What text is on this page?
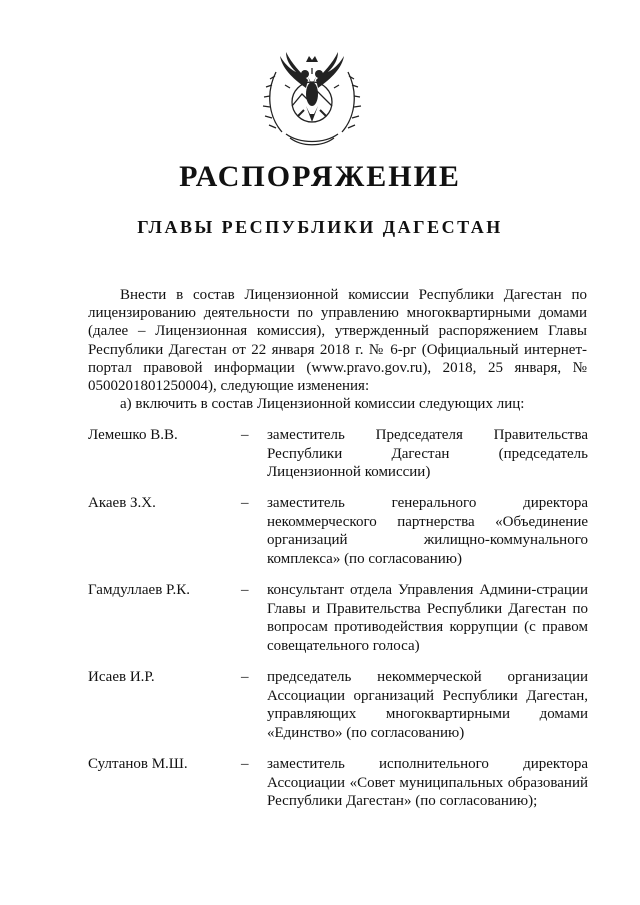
РАСПОРЯЖЕНИЕ
ГЛАВЫ РЕСПУБЛИКИ ДАГЕСТАН

Внести в состав Лицензионной комиссии Республики Дагестан по лицензированию деятельности по управлению многоквартирными домами (далее – Лицензионная комиссия), утвержденный распоряжением Главы Республики Дагестан от 22 января 2018 г. № 6-рг (Официальный интернет-портал правовой информации (www.pravo.gov.ru), 2018, 25 января, № 0500201801250004), следующие изменения:

а) включить в состав Лицензионной комиссии следующих лиц:

Лемешко В.В.	–	заместитель Председателя Правительства Республики Дагестан (председатель Лицензионной комиссии)
Акаев З.Х.	–	заместитель генерального директора некоммерческого партнерства «Объединение организаций жилищно-коммунального комплекса» (по согласованию)
Гамдуллаев Р.К.	–	консультант отдела Управления Админи-страции Главы и Правительства Республики Дагестан по вопросам противодействия коррупции (с правом совещательного голоса)
Исаев И.Р.	–	председатель некоммерческой организации Ассоциации организаций Республики Дагестан, управляющих многоквартирными домами «Единство» (по согласованию)
Султанов М.Ш.	–	заместитель исполнительного директора Ассоциации «Совет муниципальных образований Республики Дагестан» (по согласованию);
